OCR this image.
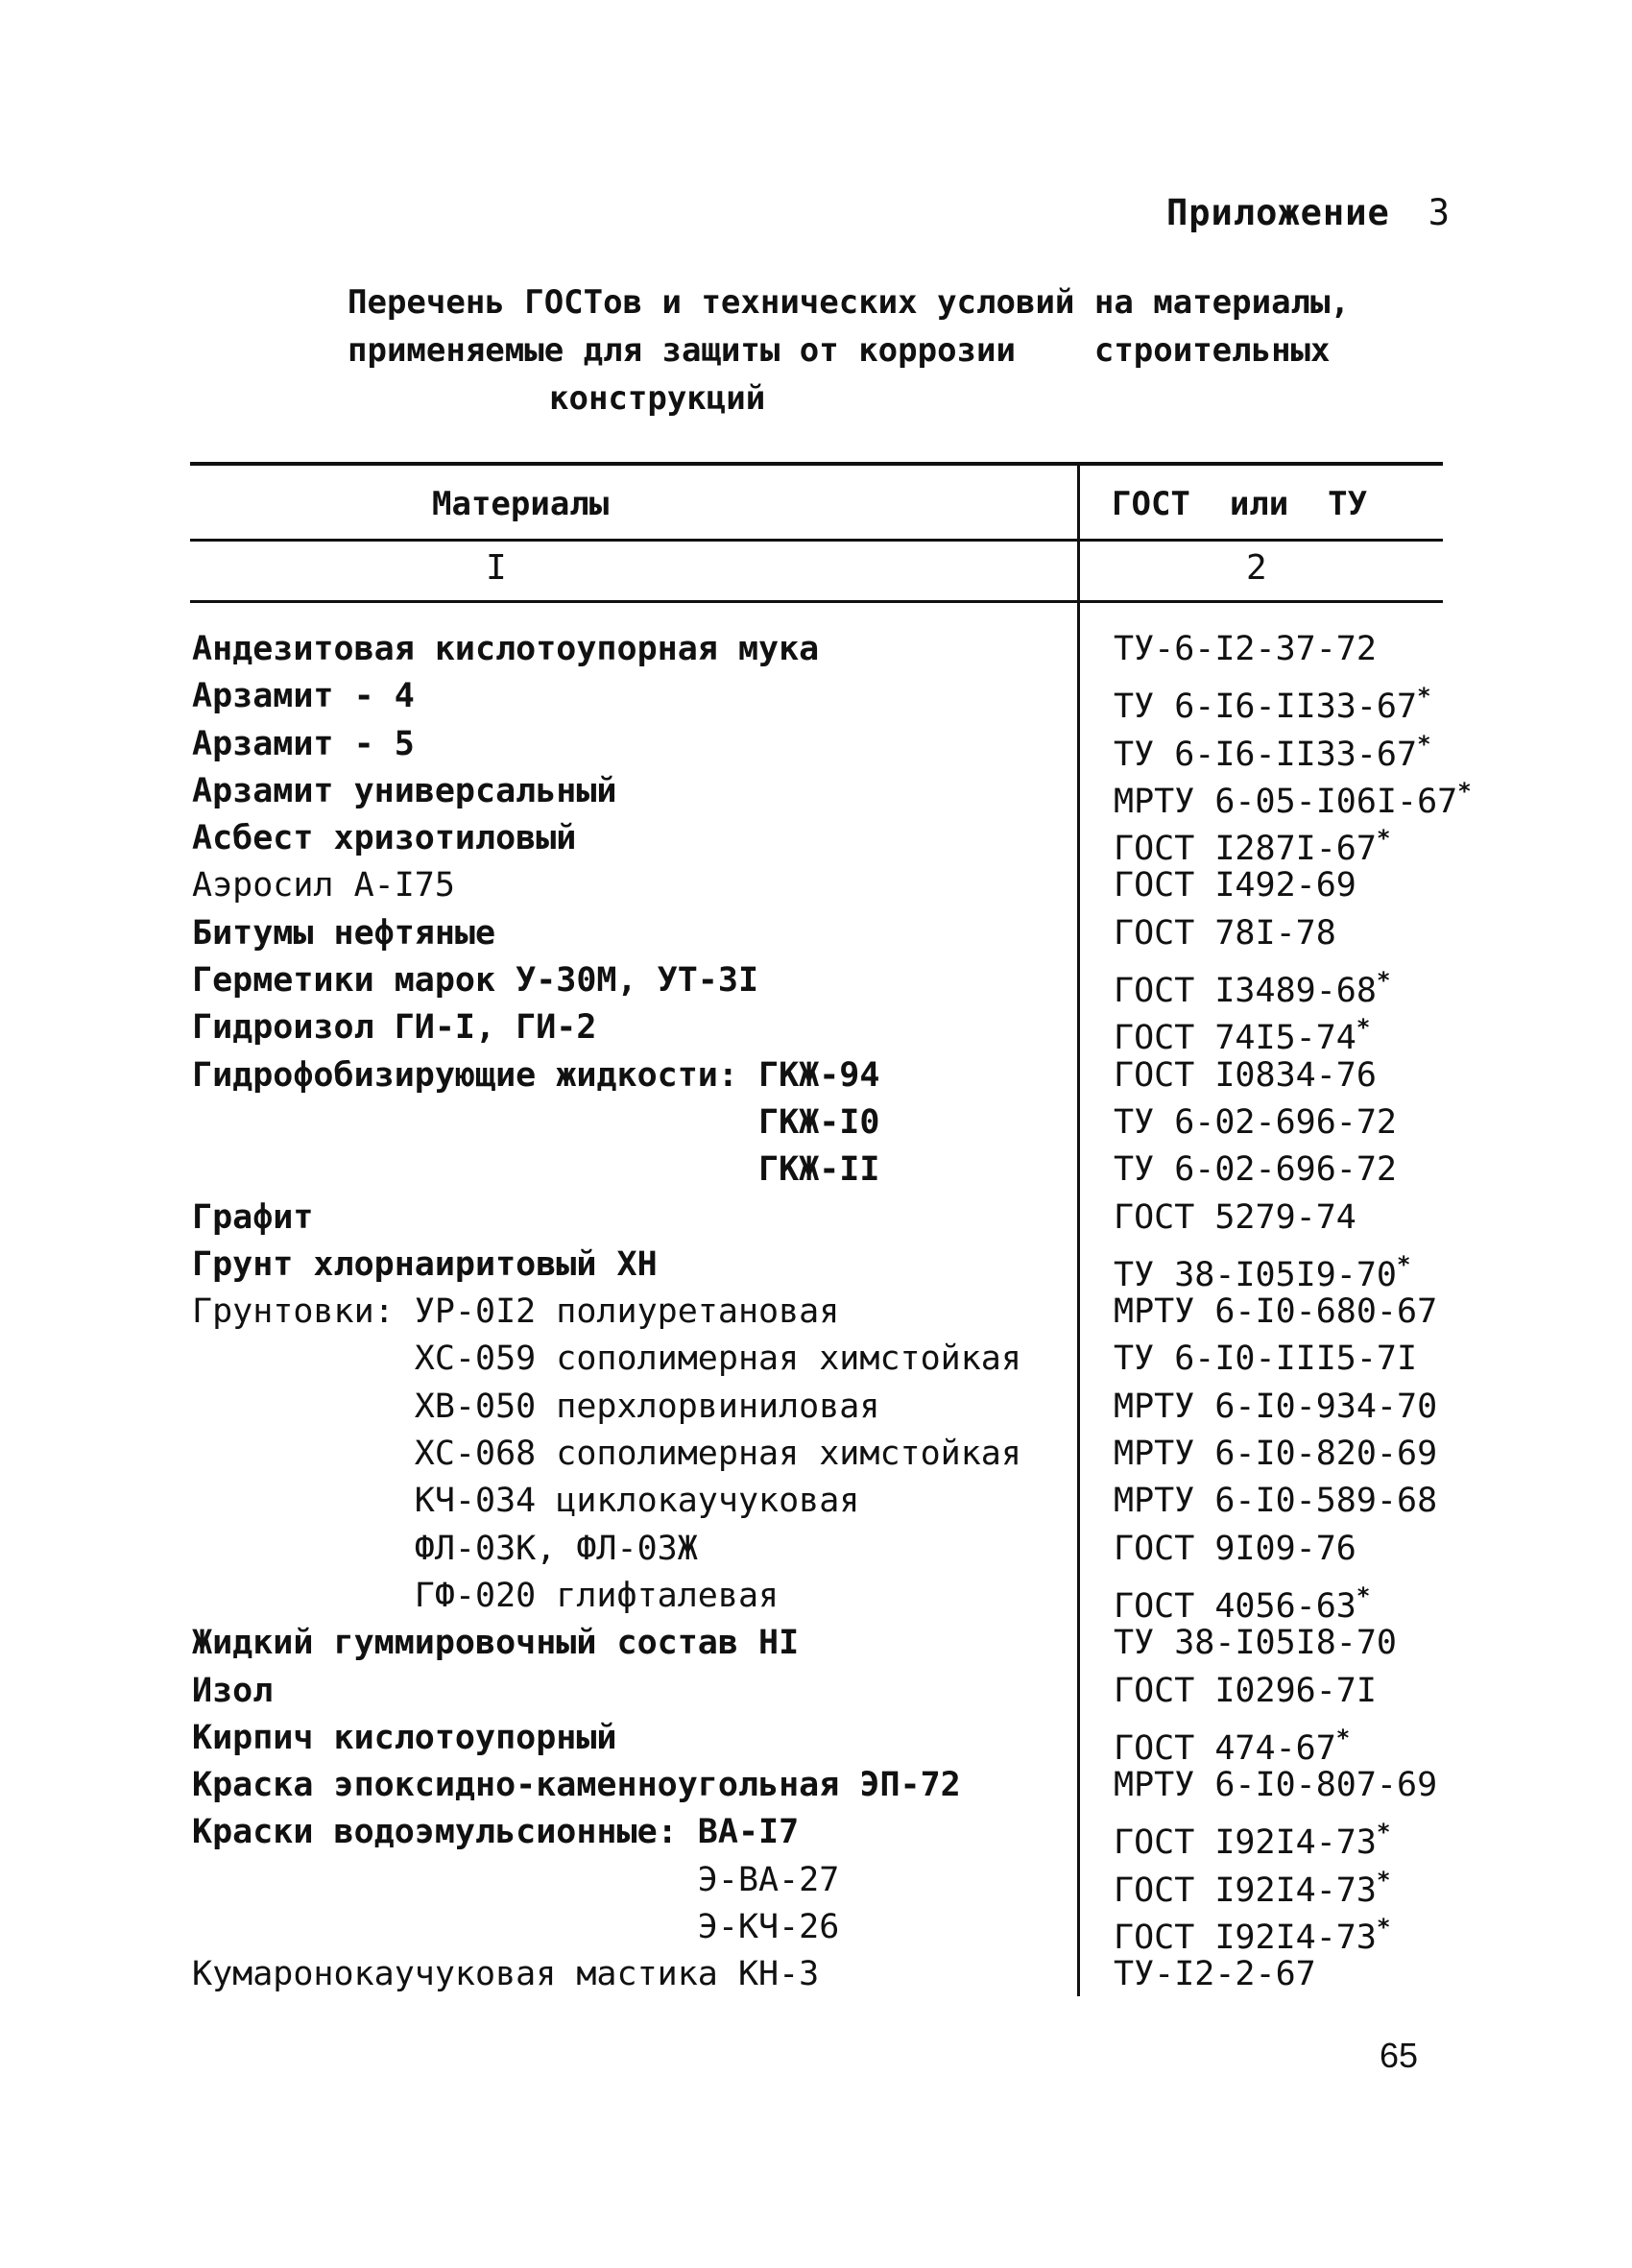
Приложение 3
Перечень ГОСТов и технических условий на материалы,
применяемые для защиты от коррозии    строительных
конструкций
Материалы	ГОСТ  или  ТУ
I	2
Андезитовая кислотоупорная мука	ТУ-6-I2-37-72
Арзамит - 4	ТУ 6-I6-II33-67*
Арзамит - 5	ТУ 6-I6-II33-67*
Арзамит универсальный	МРТУ 6-05-I06I-67*
Асбест хризотиловый	ГОСТ I287I-67*
Аэросил А-I75	ГОСТ I492-69
Битумы нефтяные	ГОСТ 78I-78
Герметики марок У-30М, УТ-3I	ГОСТ I3489-68*
Гидроизол ГИ-I, ГИ-2	ГОСТ 74I5-74*
Гидрофобизирующие жидкости: ГКЖ-94	ГОСТ I0834-76
ГКЖ-I0	ТУ 6-02-696-72
ГКЖ-II	ТУ 6-02-696-72
Графит	ГОСТ 5279-74
Грунт хлорнаиритовый ХН	ТУ 38-I05I9-70*
Грунтовки: УР-0I2 полиуретановая	МРТУ 6-I0-680-67
ХС-059 сополимерная химстойкая	ТУ 6-I0-III5-7I
ХВ-050 перхлорвиниловая	МРТУ 6-I0-934-70
ХС-068 сополимерная химстойкая	МРТУ 6-I0-820-69
КЧ-034 циклокаучуковая	МРТУ 6-I0-589-68
ФЛ-03К, ФЛ-03Ж	ГОСТ 9I09-76
ГФ-020 глифталевая	ГОСТ 4056-63*
Жидкий гуммировочный состав НI	ТУ 38-I05I8-70
Изол	ГОСТ I0296-7I
Кирпич кислотоупорный	ГОСТ 474-67*
Краска эпоксидно-каменноугольная ЭП-72	МРТУ 6-I0-807-69
Краски водоэмульсионные: ВА-I7	ГОСТ I92I4-73*
Э-ВА-27	ГОСТ I92I4-73*
Э-КЧ-26	ГОСТ I92I4-73*
Кумаронокаучуковая мастика КН-3	ТУ-I2-2-67
65
